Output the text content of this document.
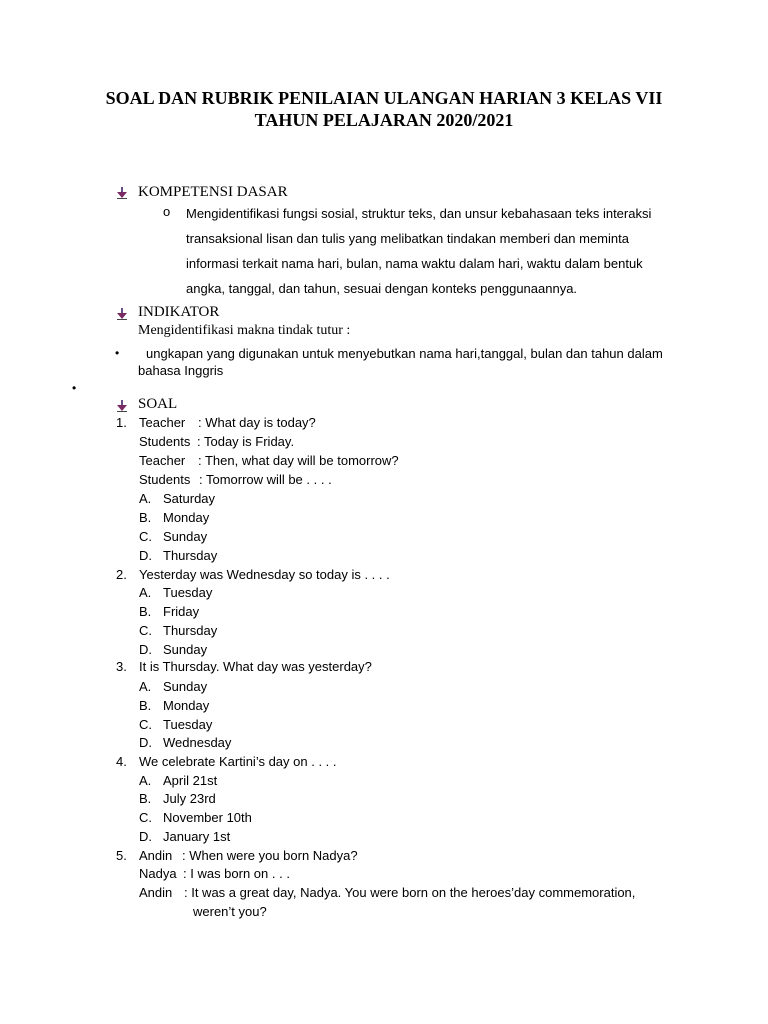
SOAL DAN RUBRIK PENILAIAN ULANGAN HARIAN 3 KELAS VII
TAHUN PELAJARAN 2020/2021
KOMPETENSI DASAR
o Mengidentifikasi fungsi sosial, struktur teks, dan unsur kebahasaan teks interaksi
transaksional lisan dan tulis yang melibatkan tindakan memberi dan meminta
informasi terkait nama hari, bulan, nama waktu dalam hari, waktu dalam bentuk
angka, tanggal, dan tahun, sesuai dengan konteks penggunaannya.
INDIKATOR
Mengidentifikasi makna tindak tutur :
• ungkapan yang digunakan untuk menyebutkan nama hari,tanggal, bulan dan tahun dalam
bahasa Inggris
•
SOAL
1. Teacher : What day is today?
Students : Today is Friday.
Teacher : Then, what day will be tomorrow?
Students : Tomorrow will be . . . .
A. Saturday
B. Monday
C. Sunday
D. Thursday
2. Yesterday was Wednesday so today is . . . .
A. Tuesday
B. Friday
C. Thursday
D. Sunday
3. It is Thursday. What day was yesterday?
A. Sunday
B. Monday
C. Tuesday
D. Wednesday
4. We celebrate Kartini’s day on . . . .
A. April 21st
B. July 23rd
C. November 10th
D. January 1st
5. Andin : When were you born Nadya?
Nadya : I was born on . . .
Andin : It was a great day, Nadya. You were born on the heroes’day commemoration,
weren’t you?
